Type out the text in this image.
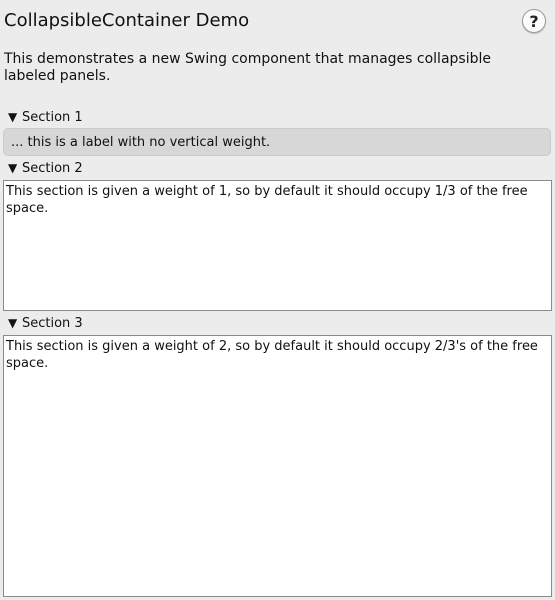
CollapsibleContainer Demo	?
This demonstrates a new Swing component that manages collapsible labeled panels.
▼ Section 1
... this is a label with no vertical weight.
▼ Section 2
This section is given a weight of 1, so by default it should occupy 1/3 of the free space.
▼ Section 3
This section is given a weight of 2, so by default it should occupy 2/3's of the free space.
